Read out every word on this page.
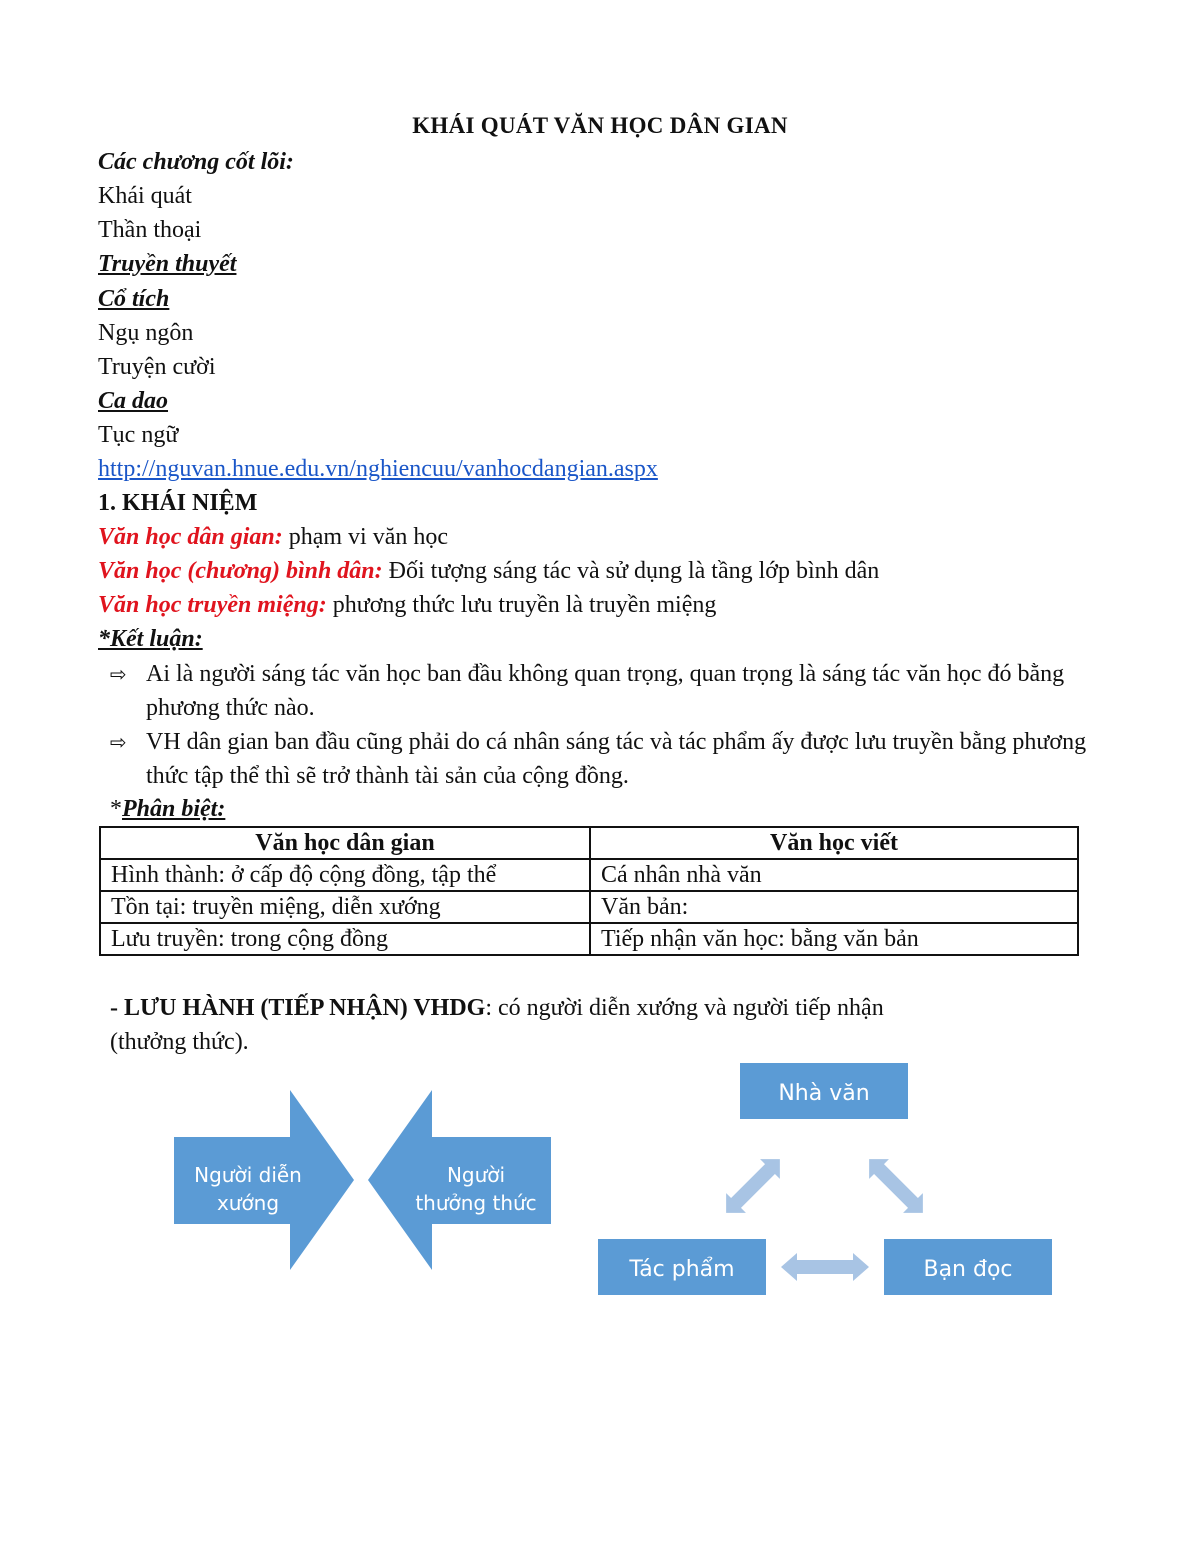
KHÁI QUÁT VĂN HỌC DÂN GIAN
Các chương cốt lõi:
Khái quát
Thần thoại
Truyền thuyết
Cổ tích
Ngụ ngôn
Truyện cười
Ca dao
Tục ngữ
http://nguvan.hnue.edu.vn/nghiencuu/vanhocdangian.aspx
1. KHÁI NIỆM
Văn học dân gian: phạm vi văn học
Văn học (chương) bình dân: Đối tượng sáng tác và sử dụng là tầng lớp bình dân
Văn học truyền miệng: phương thức lưu truyền là truyền miệng
*Kết luận:
⇨ Ai là người sáng tác văn học ban đầu không quan trọng, quan trọng là sáng tác văn học đó bằng phương thức nào.
⇨ VH dân gian ban đầu cũng phải do cá nhân sáng tác và tác phẩm ấy được lưu truyền bằng phương thức tập thể thì sẽ trở thành tài sản của cộng đồng.
*Phân biệt:
Văn học dân gian	Văn học viết
Hình thành: ở cấp độ cộng đồng, tập thể	Cá nhân nhà văn
Tồn tại: truyền miệng, diễn xướng	Văn bản:
Lưu truyền: trong cộng đồng	Tiếp nhận văn học: bằng văn bản
- LƯU HÀNH (TIẾP NHẬN) VHDG: có người diễn xướng và người tiếp nhận
(thưởng thức).
Người diễn
xướng
Người
thưởng thức
Nhà văn
Tác phẩm	Bạn đọc
